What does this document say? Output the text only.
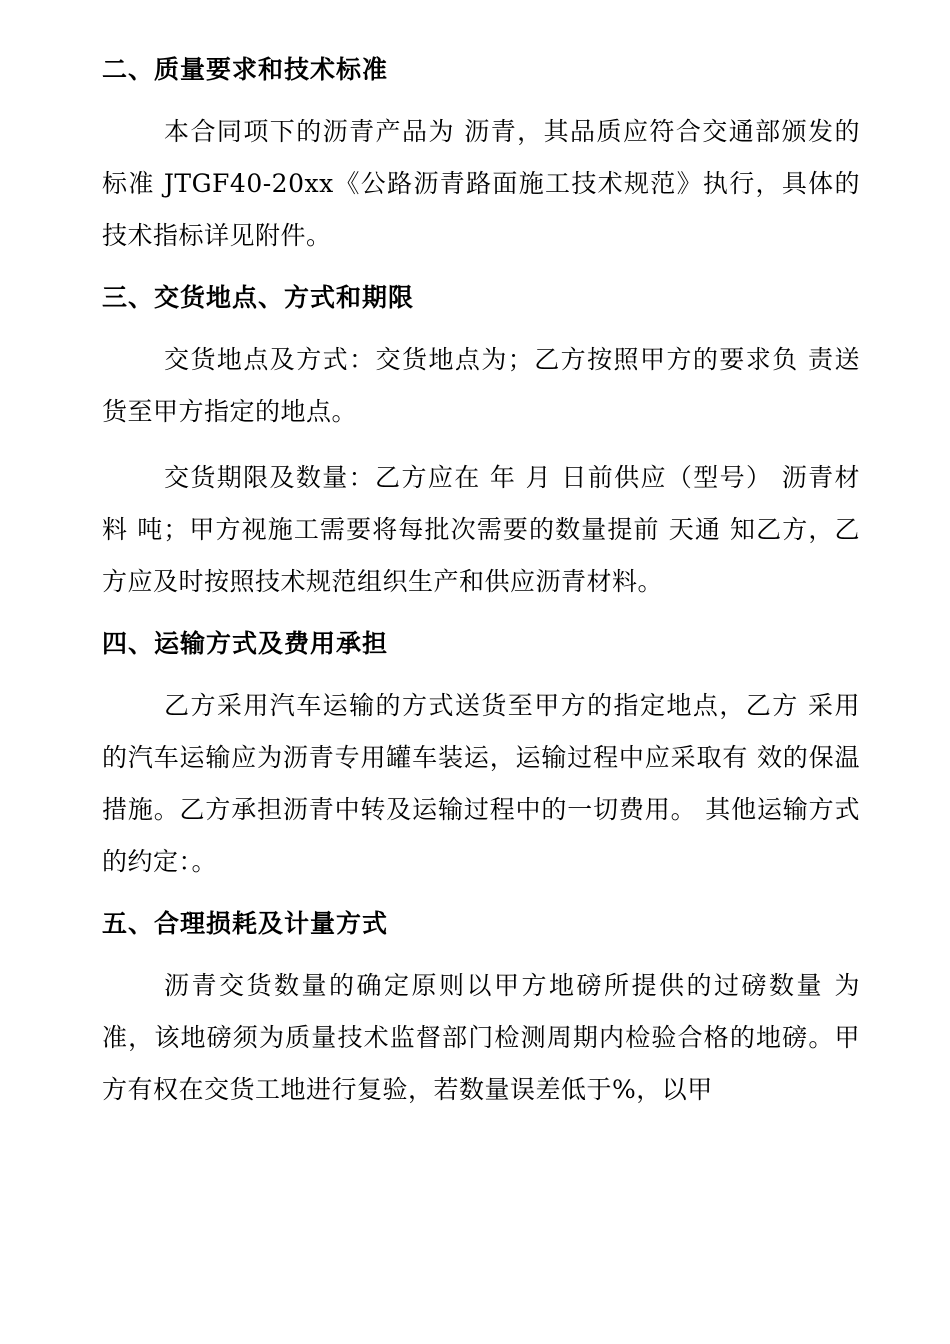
二、质量要求和技术标准

本合同项下的沥青产品为 沥青，其品质应符合交通部颁发的标准 JTGF40-20xx《公路沥青路面施工技术规范》执行，具体的技术指标详见附件。

三、交货地点、方式和期限

交货地点及方式：交货地点为；乙方按照甲方的要求负 责送货至甲方指定的地点。

交货期限及数量：乙方应在 年 月 日前供应（型号） 沥青材料 吨；甲方视施工需要将每批次需要的数量提前 天通 知乙方，乙方应及时按照技术规范组织生产和供应沥青材料。

四、运输方式及费用承担

乙方采用汽车运输的方式送货至甲方的指定地点，乙方 采用的汽车运输应为沥青专用罐车装运，运输过程中应采取有 效的保温措施。乙方承担沥青中转及运输过程中的一切费用。 其他运输方式的约定：。

五、合理损耗及计量方式

沥青交货数量的确定原则以甲方地磅所提供的过磅数量 为准，该地磅须为质量技术监督部门检测周期内检验合格的地磅。甲方有权在交货工地进行复验，若数量误差低于%，以甲
